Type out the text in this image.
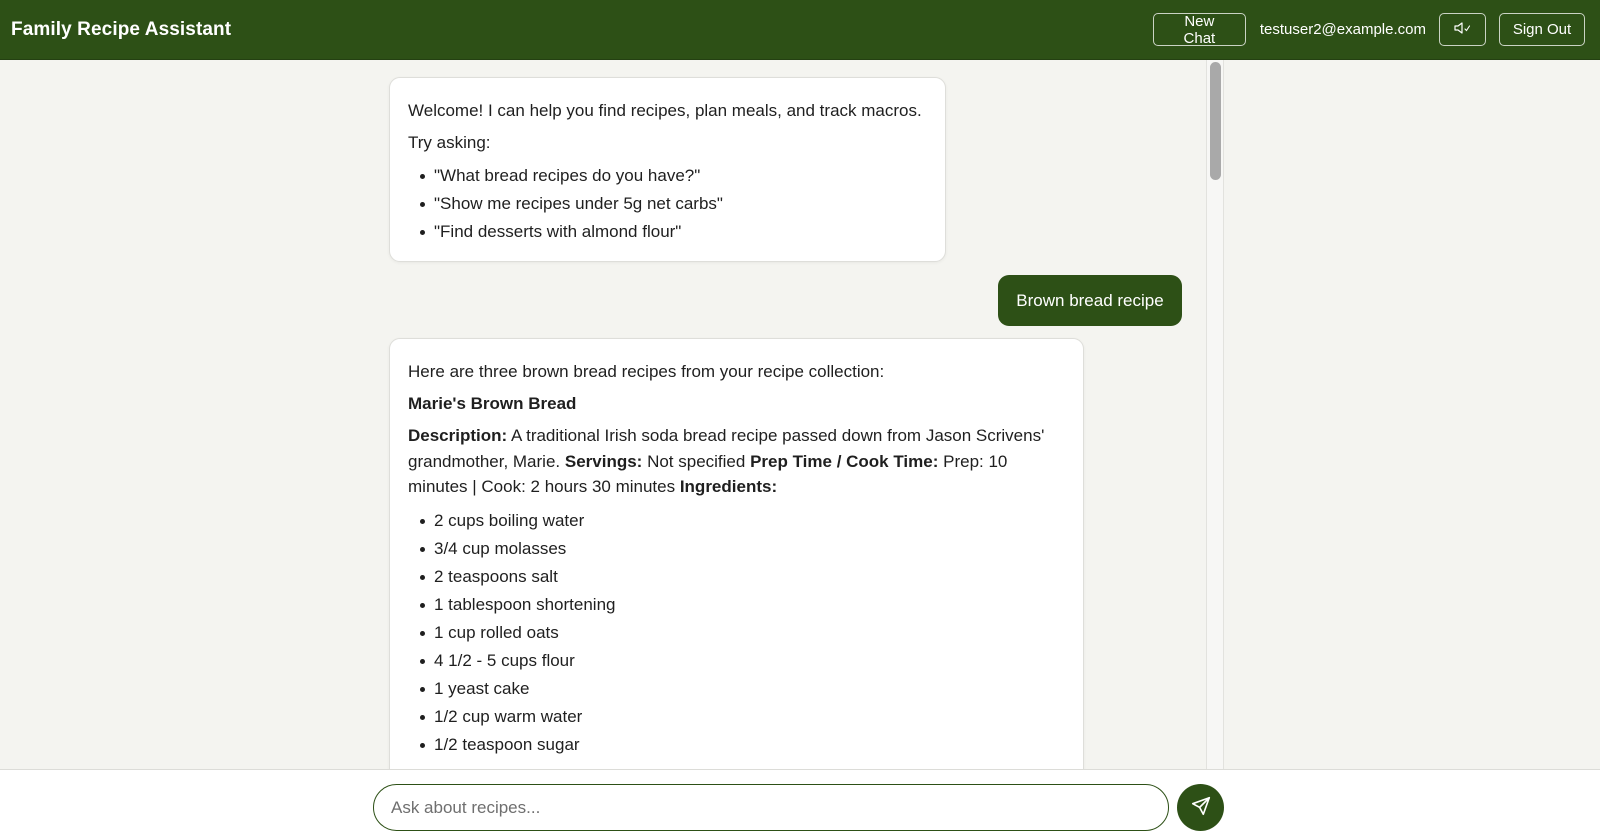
Family Recipe Assistant	New Chat	testuser2@example.com	Sign Out

Welcome! I can help you find recipes, plan meals, and track macros.

Try asking:

"What bread recipes do you have?"
"Show me recipes under 5g net carbs"
"Find desserts with almond flour"
Brown bread recipe

Here are three brown bread recipes from your recipe collection:

Marie's Brown Bread

Description: A traditional Irish soda bread recipe passed down from Jason Scrivens' grandmother, Marie. Servings: Not specified Prep Time / Cook Time: Prep: 10 minutes | Cook: 2 hours 30 minutes Ingredients:

2 cups boiling water
3/4 cup molasses
2 teaspoons salt
1 tablespoon shortening
1 cup rolled oats
4 1/2 - 5 cups flour
1 yeast cake
1/2 cup warm water
1/2 teaspoon sugar
Ask about recipes...
